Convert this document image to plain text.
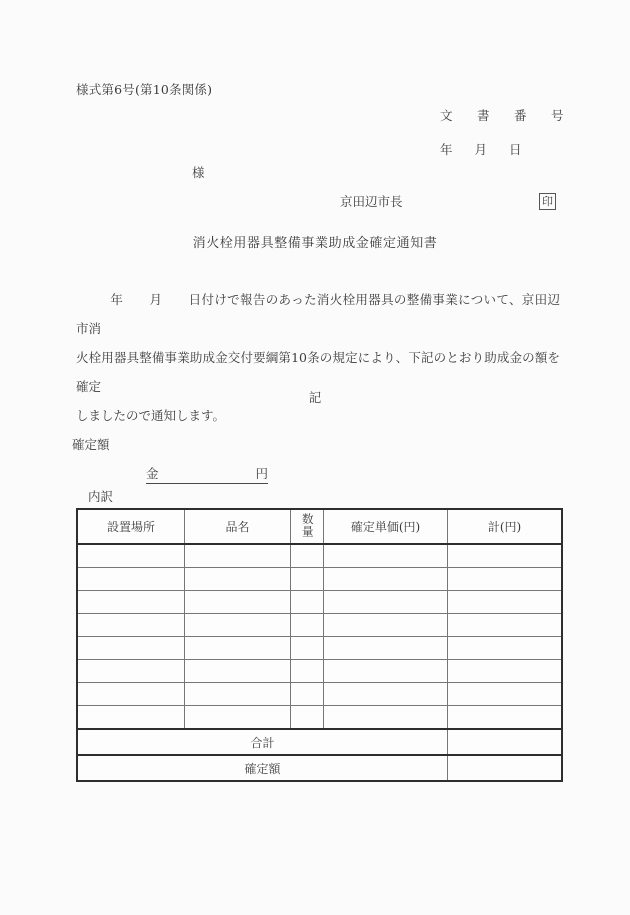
様式第6号(第10条関係)
文　書　番　号
年 月 日
様
京田辺市長	印
消火栓用器具整備事業助成金確定通知書

年 月 日付けで報告のあった消火栓用器具の整備事業について、京田辺市消

火栓用器具整備事業助成金交付要綱第10条の規定により、下記のとおり助成金の額を確定

しましたので通知します。

記
確定額
金	円
内訳
設置場所	品名	数量	確定単価(円)	計(円)

合計				
確定額				
